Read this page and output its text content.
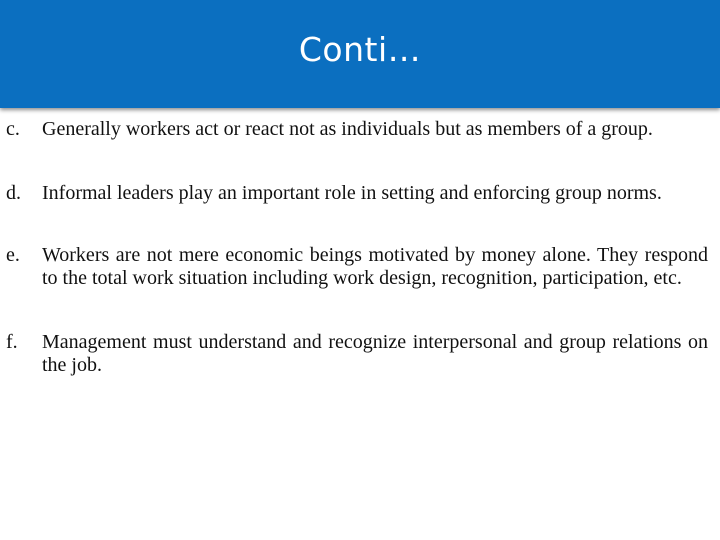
Conti…
c.	Generally workers act or react not as individuals but as members of a group.
d.	Informal leaders play an important role in setting and enforcing group norms.
e.	Workers are not mere economic beings motivated by money alone. They respond to the total work situation including work design, recognition, participation, etc.
f.	Management must understand and recognize interpersonal and group relations on the job.
